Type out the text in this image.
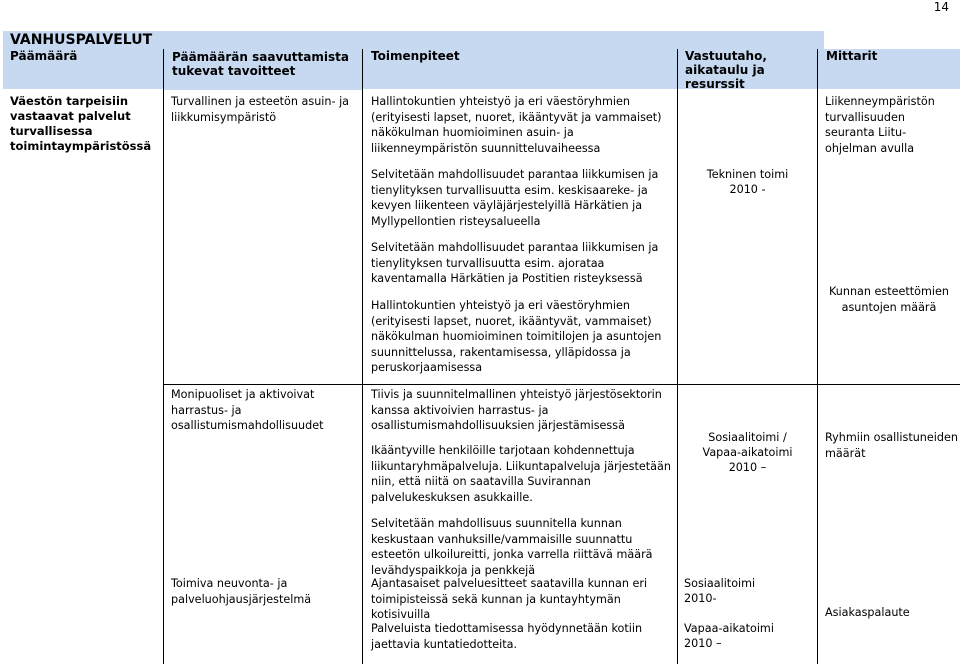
14
VANHUSPALVELUT
Päämäärä	Päämäärän saavuttamista tukevat tavoitteet
Toimenpiteet	Vastuutaho, aikataulu ja resurssit
Mittarit
Väestön tarpeisiin vastaavat palvelut turvallisessa toimintaympäristössä
Turvallinen ja esteetön asuin- ja liikkumisympäristö
Monipuoliset ja aktivoivat harrastus- ja osallistumismahdollisuudet
Toimiva neuvonta- ja palveluohjausjärjestelmä
Hallintokuntien yhteistyö ja eri väestöryhmien (erityisesti lapset, nuoret, ikääntyvät ja vammaiset) näkökulman huomioiminen asuin- ja liikenneympäristön suunnitteluvaiheessa
Selvitetään mahdollisuudet parantaa liikkumisen ja tienylityksen turvallisuutta esim. keskisaareke- ja kevyen liikenteen väyläjärjestelyillä Härkätien ja Myllypellontien risteysalueella
Selvitetään mahdollisuudet parantaa liikkumisen ja tienylityksen turvallisuutta esim. ajorataa kaventamalla Härkätien ja Postitien risteyksessä
Hallintokuntien yhteistyö ja eri väestöryhmien (erityisesti lapset, nuoret, ikääntyvät, vammaiset) näkökulman huomioiminen toimitilojen ja asuntojen suunnittelussa, rakentamisessa, ylläpidossa ja peruskorjaamisessa
Tiivis ja suunnitelmallinen yhteistyö järjestösektorin kanssa aktivoivien harrastus- ja osallistumismahdollisuuksien järjestämisessä
Ikääntyville henkilöille tarjotaan kohdennettuja liikuntaryhmäpalveluja. Liikuntapalveluja järjestetään niin, että niitä on saatavilla Suvirannan palvelukeskuksen asukkaille.
Selvitetään mahdollisuus suunnitella kunnan keskustaan vanhuksille/vammaisille suunnattu esteetön ulkoilureitti, jonka varrella riittävä määrä levähdyspaikkoja ja penkkejä
Ajantasaiset palveluesitteet saatavilla kunnan eri toimipisteissä sekä kunnan ja kuntayhtymän kotisivuilla
Palveluista tiedottamisessa hyödynnetään kotiin jaettavia kuntatiedotteita.
Tekninen toimi
2010 -
Sosiaalitoimi /
Vapaa-aikatoimi
2010 –
Sosiaalitoimi
2010-
Vapaa-aikatoimi
2010 –
Liikenneympäristön turvallisuuden seuranta Liitu-ohjelman avulla
Kunnan esteettömien asuntojen määrä
Ryhmiin osallistuneiden määrät
Asiakaspalaute
